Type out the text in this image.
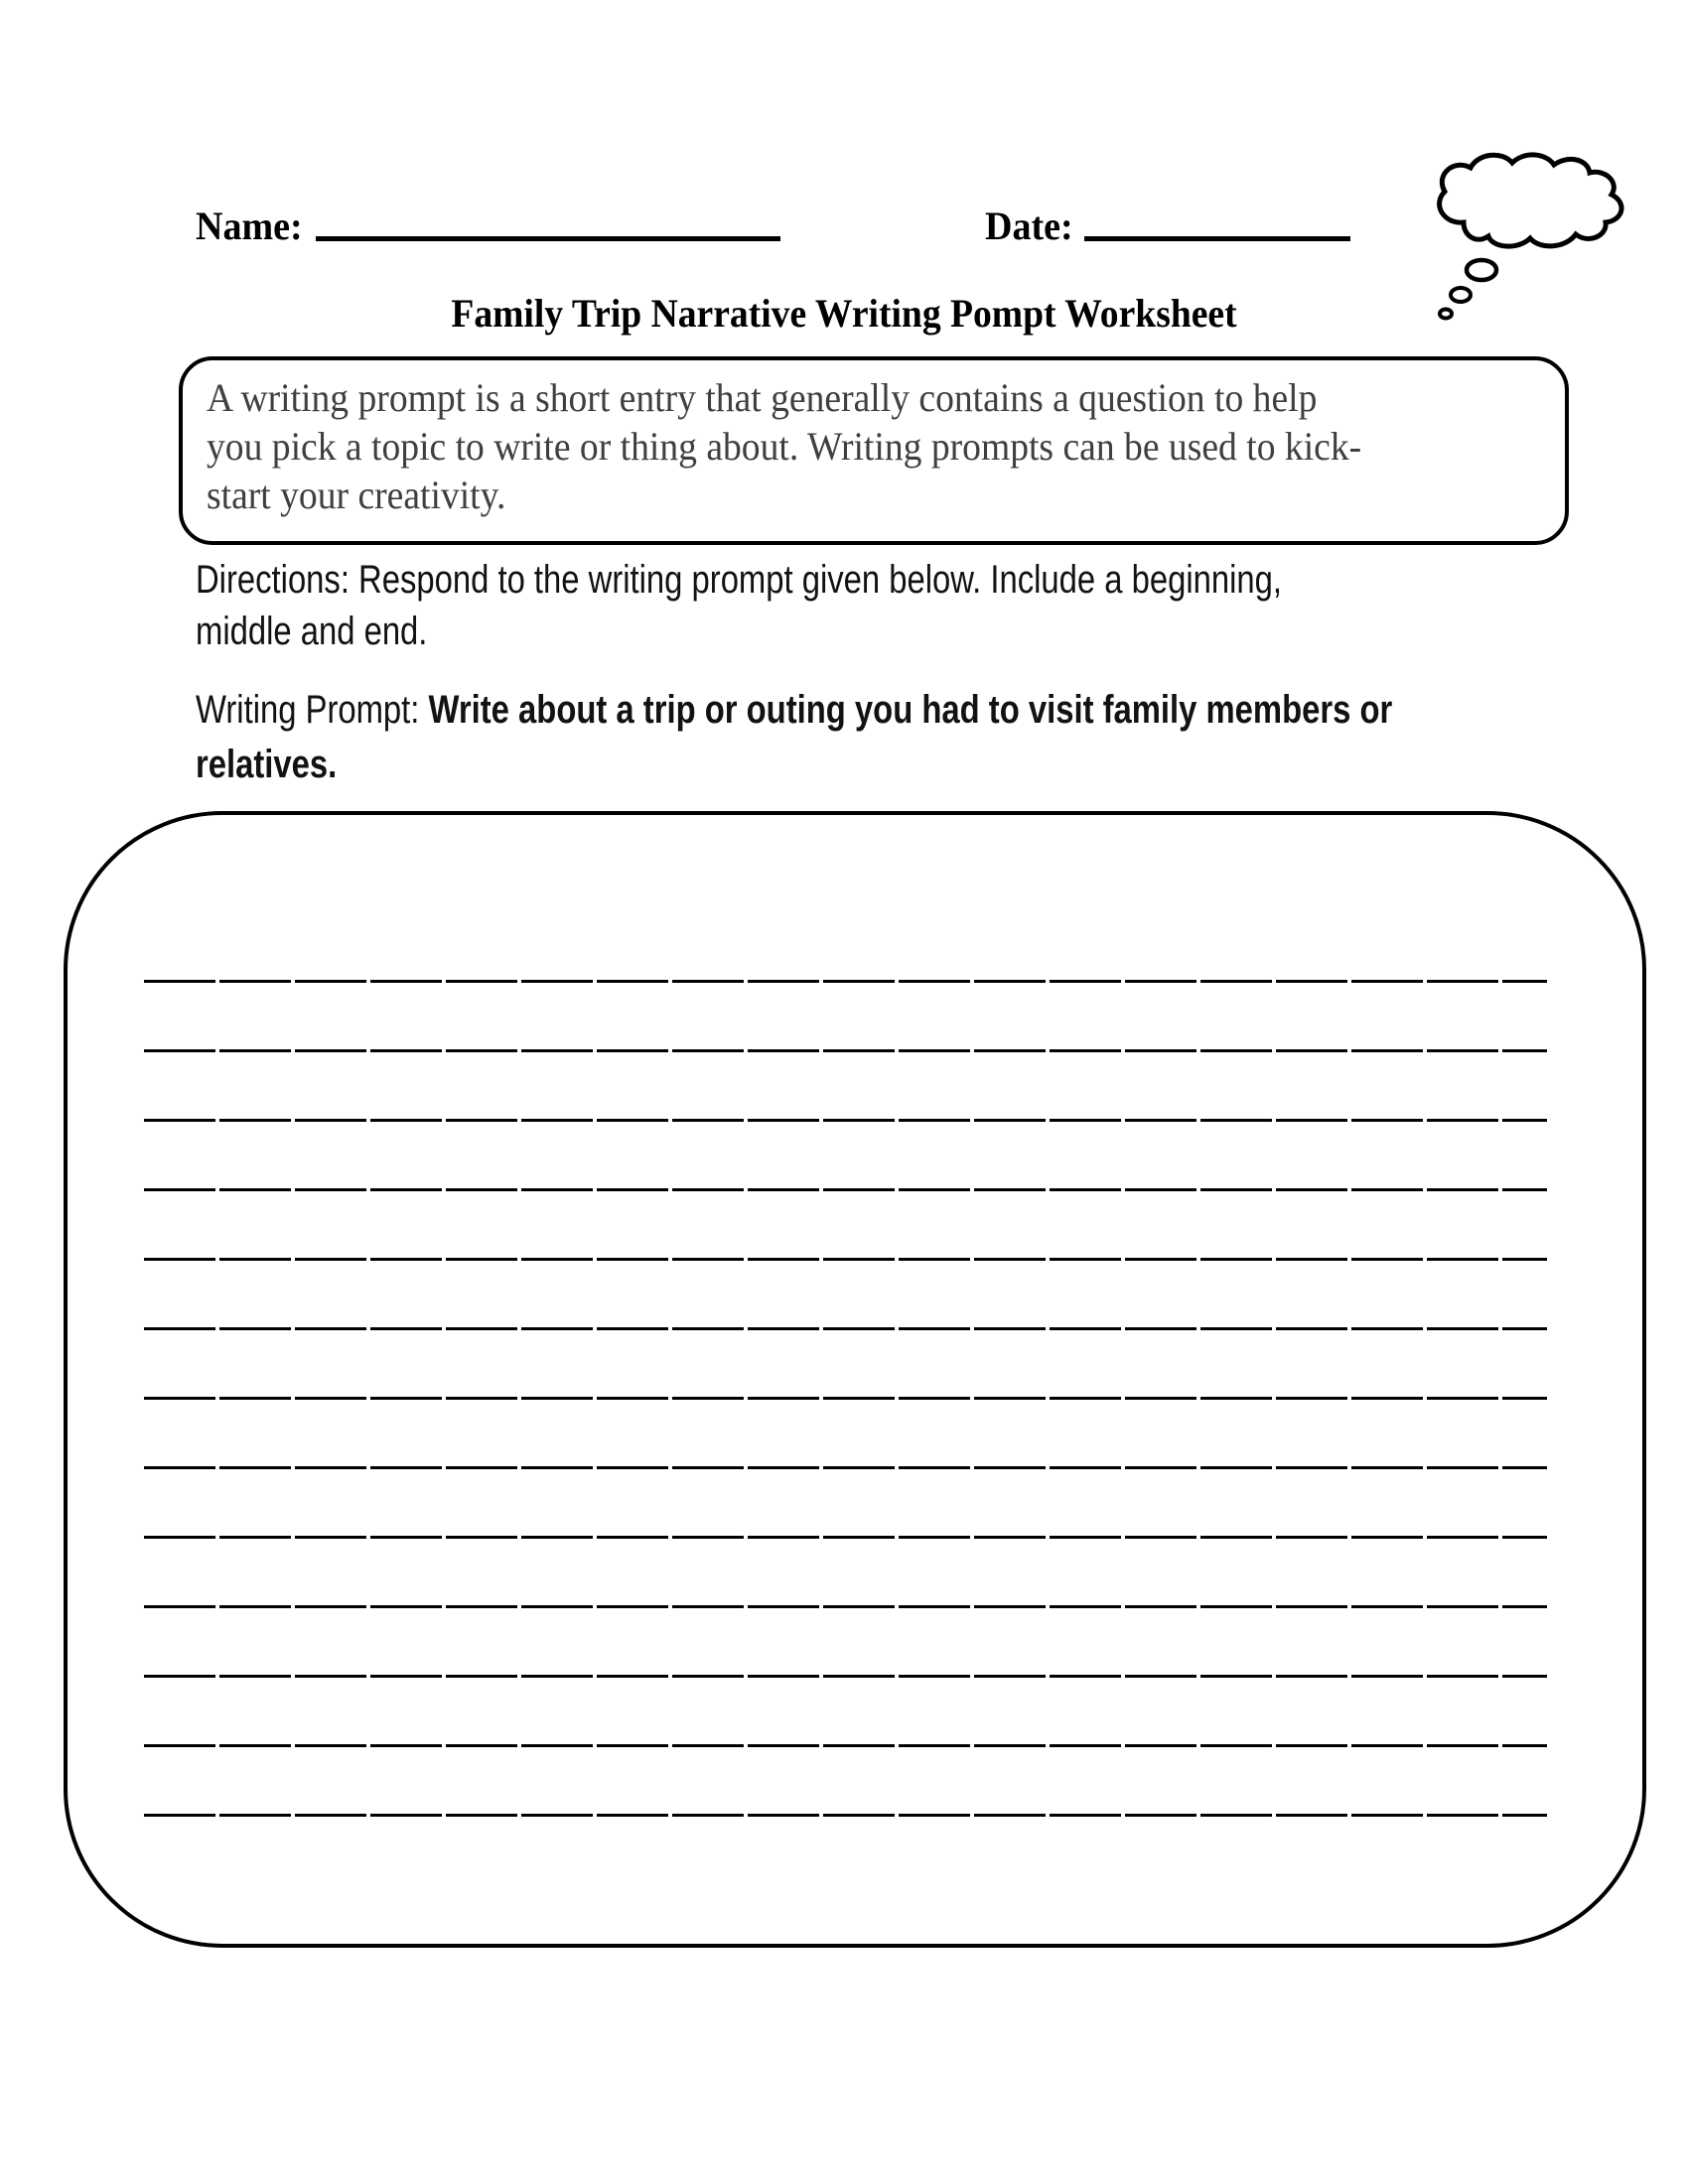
Name:	Date:
Family Trip Narrative Writing Pompt Worksheet
A writing prompt is a short entry that generally contains a question to help
you pick a topic to write or thing about. Writing prompts can be used to kick-
start your creativity.
Directions: Respond to the writing prompt given below. Include a beginning,
middle and end.
Writing Prompt: Write about a trip or outing you had to visit family members or
relatives.
